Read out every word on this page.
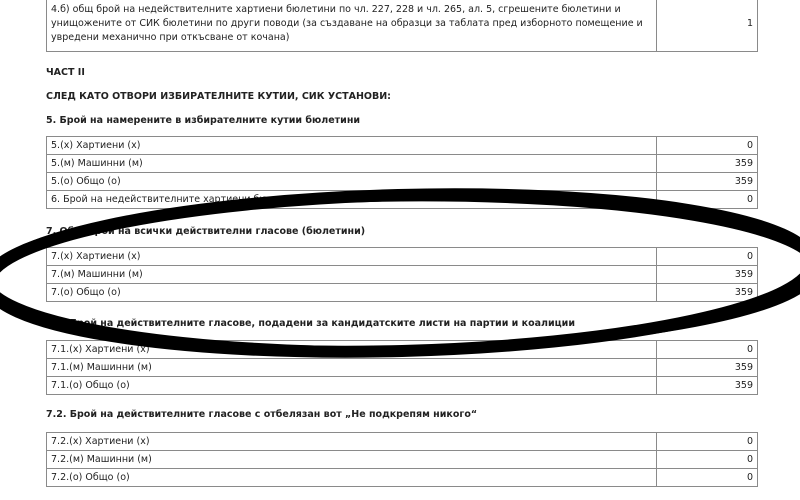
4.б) общ брой на недействителните хартиени бюлетини по чл. 227, 228 и чл. 265, ал. 5, сгрешените бюлетини и унищожените от СИК бюлетини по други поводи (за създаване на образци за таблата пред изборното помещение и увредени механично при откъсване от кочана)	1
ЧАСТ II
СЛЕД КАТО ОТВОРИ ИЗБИРАТЕЛНИТЕ КУТИИ, СИК УСТАНОВИ:
5. Брой на намерените в избирателните кутии бюлетини
5.(х) Хартиени (х)	0
5.(м) Машинни (м)	359
5.(о) Общо (о)	359
6. Брой на недействителните хартиени бюлетини	0
7. Общ брой на всички действителни гласове (бюлетини)
7.(х) Хартиени (х)	0
7.(м) Машинни (м)	359
7.(о) Общо (о)	359
7.1. Брой на действителните гласове, подадени за кандидатските листи на партии и коалиции
7.1.(х) Хартиени (х)	0
7.1.(м) Машинни (м)	359
7.1.(о) Общо (о)	359
7.2. Брой на действителните гласове с отбелязан вот „Не подкрепям никого“
7.2.(х) Хартиени (х)	0
7.2.(м) Машинни (м)	0
7.2.(о) Общо (о)	0
